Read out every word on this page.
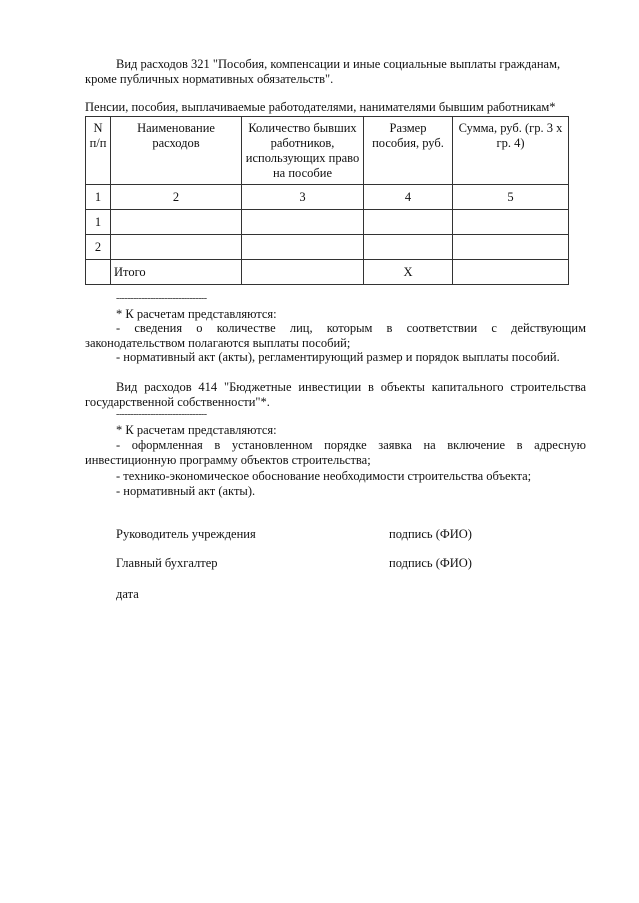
Вид расходов 321 "Пособия, компенсации и иные социальные выплаты гражданам,
кроме публичных нормативных обязательств".
Пенсии, пособия, выплачиваемые работодателями, нанимателями бывшим работникам*
N п/п	Наименование расходов	Количество бывших работников, использующих право на пособие	Размер пособия, руб.	Сумма, руб. (гр. 3 х гр. 4)
1	2	3	4	5
1				
2				
	Итого		Х	
--------------------------------
* К расчетам представляются:
- сведения о количестве лиц, которым в соответствии с действующим законодательством полагаются выплаты пособий;
- нормативный акт (акты), регламентирующий размер и порядок выплаты пособий.
Вид расходов 414 "Бюджетные инвестиции в объекты капитального строительства государственной собственности"*.
--------------------------------
* К расчетам представляются:
- оформленная в установленном порядке заявка на включение в адресную инвестиционную программу объектов строительства;
- технико-экономическое обоснование необходимости строительства объекта;
- нормативный акт (акты).
Руководитель учреждения	подпись (ФИО)
Главный бухгалтер	подпись (ФИО)
дата
